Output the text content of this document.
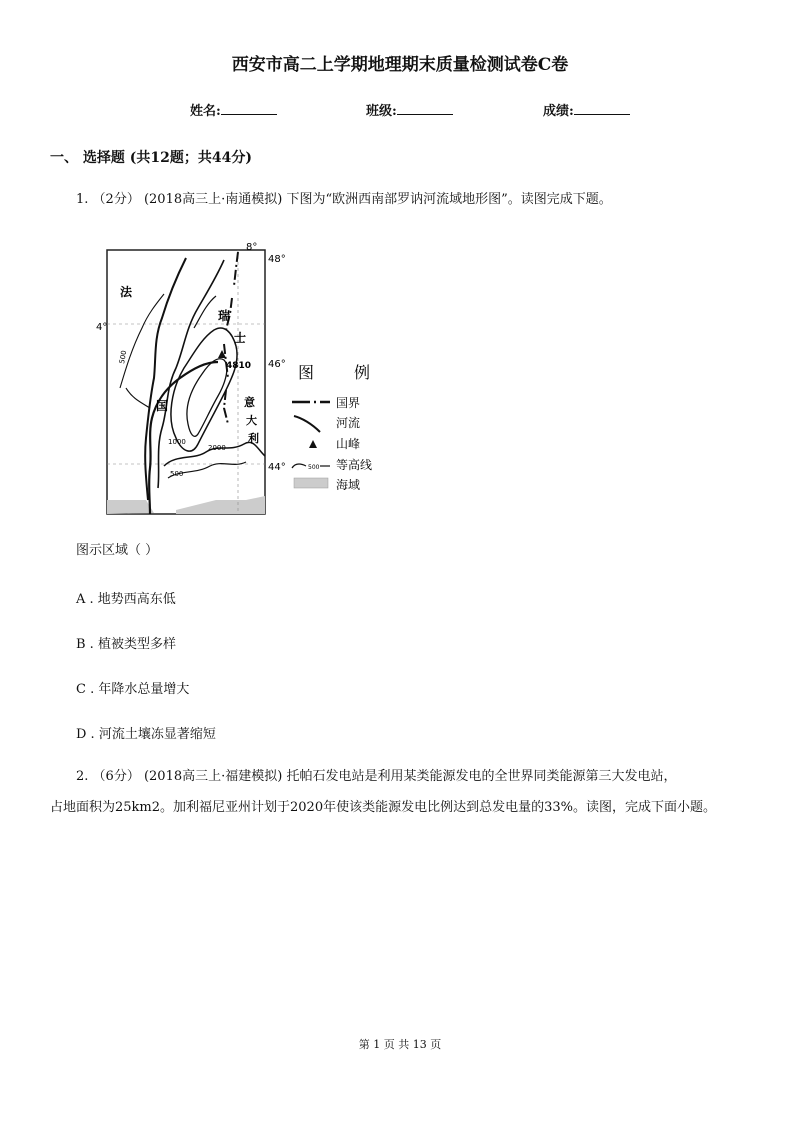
西安市高二上学期地理期末质量检测试卷C卷
姓名:	班级:	成绩:
一、 选择题 (共12题；共44分)
1. （2分） (2018高三上·南通模拟) 下图为“欧洲西南部罗讷河流域地形图”。读图完成下题。
8°
48°
46°
44°
4°
法
国
瑞
士
意
大
利
4810
500
500
1000
2000
图 例
国界
河流
山峰
500 等高线
海域
图示区域（ ）
A . 地势西高东低
B . 植被类型多样
C . 年降水总量增大
D . 河流土壤冻显著缩短
2. （6分） (2018高三上·福建模拟) 托帕石发电站是利用某类能源发电的全世界同类能源第三大发电站，
占地面积为25km2。加利福尼亚州计划于2020年使该类能源发电比例达到总发电量的33%。读图，完成下面小题。
第 1 页 共 13 页
